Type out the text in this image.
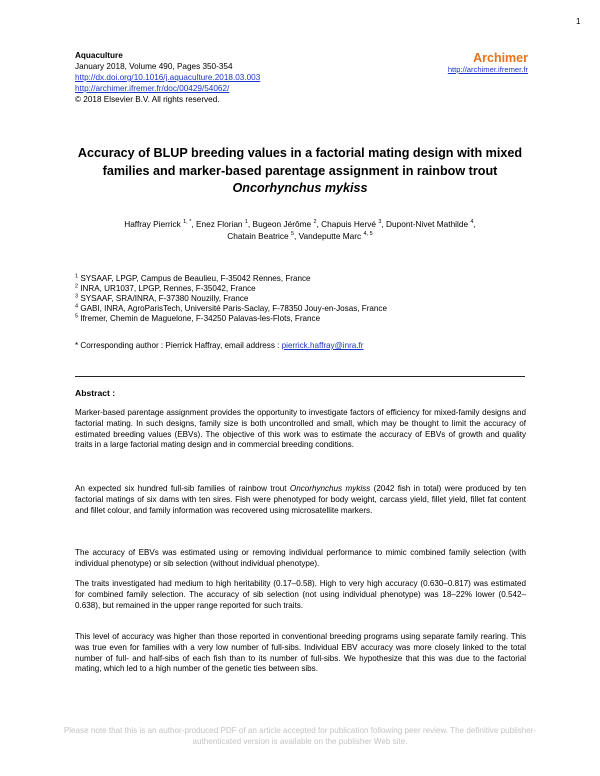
1
Aquaculture
January 2018, Volume 490, Pages 350-354
http://dx.doi.org/10.1016/j.aquaculture.2018.03.003
http://archimer.ifremer.fr/doc/00429/54062/
© 2018 Elsevier B.V. All rights reserved.
Archimer
http://archimer.ifremer.fr
Accuracy of BLUP breeding values in a factorial mating design with mixed families and marker-based parentage assignment in rainbow trout Oncorhynchus mykiss
Haffray Pierrick $^{1, *}$, Enez Florian $^1$, Bugeon Jérôme $^2$, Chapuis Hervé $^3$, Dupont-Nivet Mathilde $^4$,
Chatain Beatrice $^5$, Vandeputte Marc $^{4, 5}$
$^1$ SYSAAF, LPGP, Campus de Beaulieu, F-35042 Rennes, France
$^2$ INRA, UR1037, LPGP, Rennes, F-35042, France
$^3$ SYSAAF, SRA/INRA, F-37380 Nouzilly, France
$^4$ GABI, INRA, AgroParisTech, Université Paris-Saclay, F-78350 Jouy-en-Josas, France
$^5$ Ifremer, Chemin de Maguelone, F-34250 Palavas-les-Flots, France
* Corresponding author : Pierrick Haffray, email address : pierrick.haffray@inra.fr
Abstract :
Marker-based parentage assignment provides the opportunity to investigate factors of efficiency for mixed-family designs and factorial mating. In such designs, family size is both uncontrolled and small, which may be thought to limit the accuracy of estimated breeding values (EBVs). The objective of this work was to estimate the accuracy of EBVs of growth and quality traits in a large factorial mating design and in commercial breeding conditions.
An expected six hundred full-sib families of rainbow trout Oncorhynchus mykiss (2042 fish in total) were produced by ten factorial matings of six dams with ten sires. Fish were phenotyped for body weight, carcass yield, fillet yield, fillet fat content and fillet colour, and family information was recovered using microsatellite markers.
The accuracy of EBVs was estimated using or removing individual performance to mimic combined family selection (with individual phenotype) or sib selection (without individual phenotype).
The traits investigated had medium to high heritability (0.17–0.58). High to very high accuracy (0.630–0.817) was estimated for combined family selection. The accuracy of sib selection (not using individual phenotype) was 18–22% lower (0.542–0.638), but remained in the upper range reported for such traits.
This level of accuracy was higher than those reported in conventional breeding programs using separate family rearing. This was true even for families with a very low number of full-sibs. Individual EBV accuracy was more closely linked to the total number of full- and half-sibs of each fish than to its number of full-sibs. We hypothesize that this was due to the factorial mating, which led to a high number of the genetic ties between sibs.
Please note that this is an author-produced PDF of an article accepted for publication following peer review. The definitive publisher-authenticated version is available on the publisher Web site.
